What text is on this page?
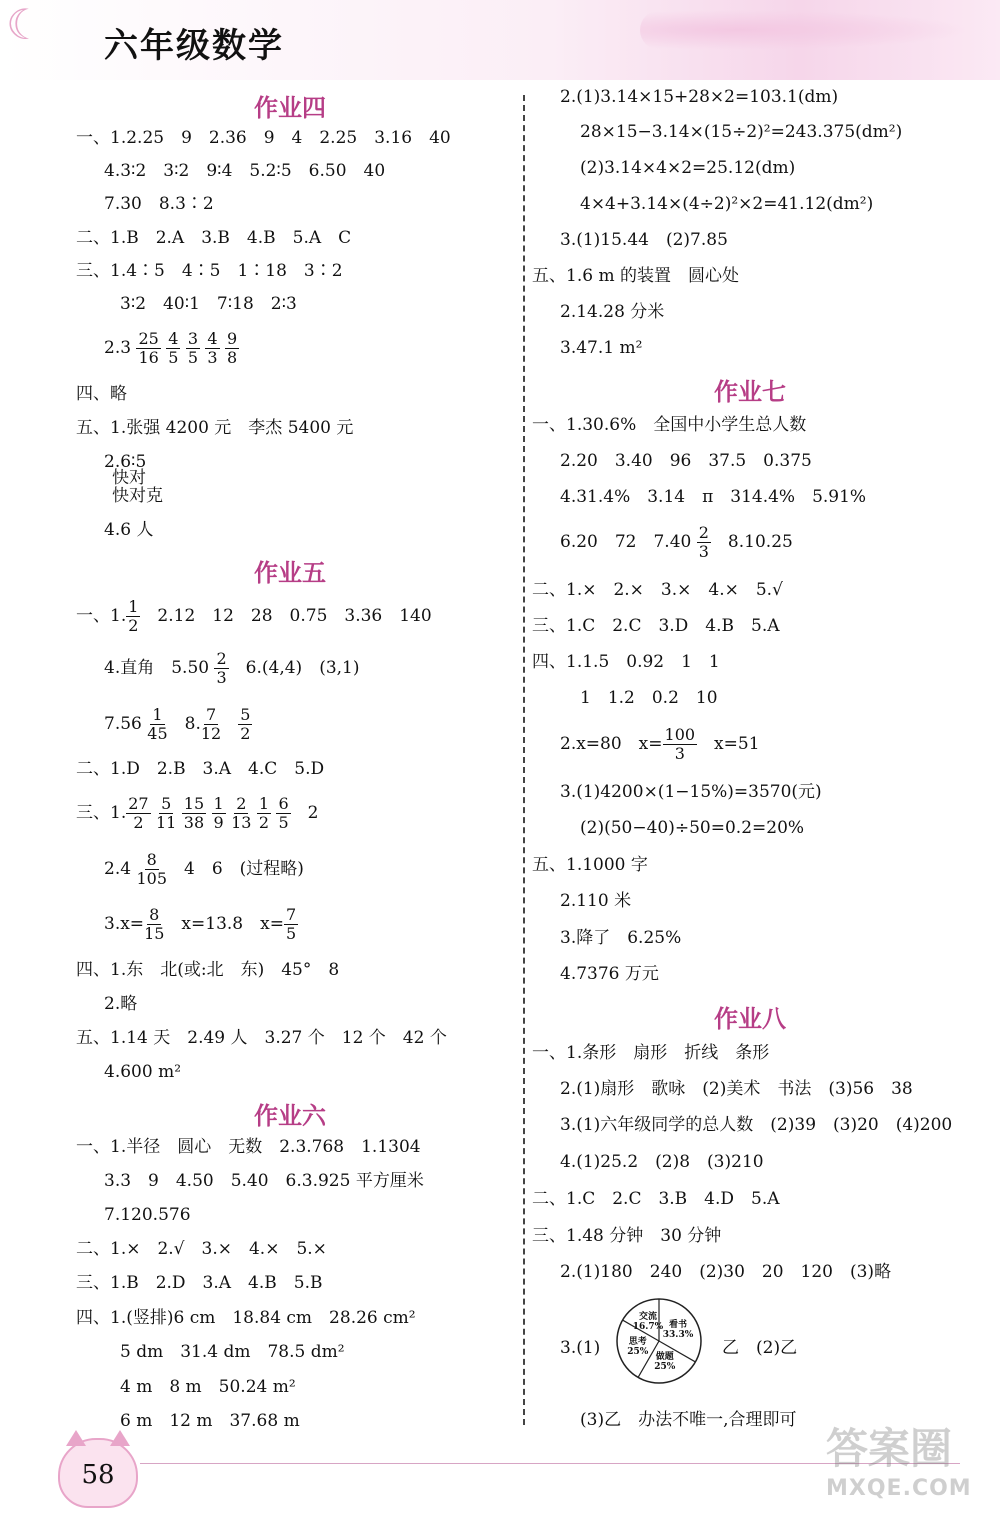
☾ 六年级数学
作业四
一、1.2.25　9　2.36　9　4　2.25　3.16　40
4.3∶2　3∶2　9∶4　5.2∶5　6.50　40
7.30　8.3∶2
二、1.B　2.A　3.B　4.B　5.A　C
三、1.4∶5　4∶5　1∶18　3∶2
3∶2　40∶1　7∶18　2∶3
$2.3 \frac{25}{16}$
$\frac{4}{5}$
$\frac{3}{5}$
$\frac{4}{3}$
$\frac{9}{8}$
四、略
五、1.张强 4200 元　李杰 5400 元
2.6∶5
快对
快对克
4.6 人
作业五
一、1. $\frac{1}{2}$ 　2.12　12　28　0.75　3.36　140
4.直角　$5.50 \frac{2}{3}$ 　6.(4,4)　(3,1)
$7.56 \frac{1}{45}$ 　8. $\frac{7}{12}$
　 $\frac{5}{2}$
二、1.D　2.B　3.A　4.C　5.D
三、1. $\frac{27}{2}$
$\frac{5}{11}$
$\frac{15}{38}$
$\frac{1}{9}$
$\frac{2}{13}$
$\frac{1}{2}$
$\frac{6}{5}$ 　2
$2.4 \frac{8}{105}$ 　4　6　(过程略)
$3.x= \frac{8}{15}$ 　x=13.8　$x= \frac{7}{5}$
四、1.东　北(或:北　东)　45°　8
2.略
五、1.14 天　2.49 人　3.27 个　12 个　42 个
4.600 m²
作业六
一、1.半径　圆心　无数　2.3.768　1.1304
3.3　9　4.50　5.40　6.3.925 平方厘米
7.120.576
二、1.×　2.√　3.×　4.×　5.×
三、1.B　2.D　3.A　4.B　5.B
四、1.(竖排)6 cm　18.84 cm　28.26 cm²
5 dm　31.4 dm　78.5 dm²
4 m　8 m　50.24 m²
6 m　12 m　37.68 m
2.(1)3.14×15+28×2=103.1(dm)
28×15−3.14×(15÷2)²=243.375(dm²)
(2)3.14×4×2=25.12(dm)
4×4+3.14×(4÷2)²×2=41.12(dm²)
3.(1)15.44　(2)7.85
五、1.6 m 的装置　圆心处
2.14.28 分米
3.47.1 m²
作业七
一、1.30.6%　全国中小学生总人数
2.20　3.40　96　37.5　0.375
4.31.4%　3.14　π　314.4%　5.91%
6.20　72　$7.40 \frac{2}{3}$ 　8.10.25
二、1.×　2.×　3.×　4.×　5.√
三、1.C　2.C　3.D　4.B　5.A
四、1.1.5　0.92　1　1
1　1.2　0.2　10
2.x=80　$x= \frac{100}{3}$ 　x=51
3.(1)4200×(1−15%)=3570(元)
(2)(50−40)÷50=0.2=20%
五、1.1000 字
2.110 米
3.降了　6.25%
4.7376 万元
作业八
一、1.条形　扇形　折线　条形
2.(1)扇形　歌咏　(2)美术　书法　(3)56　38
3.(1)六年级同学的总人数　(2)39　(3)20　(4)200
4.(1)25.2　(2)8　(3)210
二、1.C　2.C　3.B　4.D　5.A
三、1.48 分钟　30 分钟
2.(1)180　240　(2)30　20　120　(3)略
3.(1)	乙　(2)乙
(3)乙　办法不唯一,合理即可
看书
33.3%
做题
25%
思考
25%
交流
16.7%
58
答案圈
MXQE.COM
